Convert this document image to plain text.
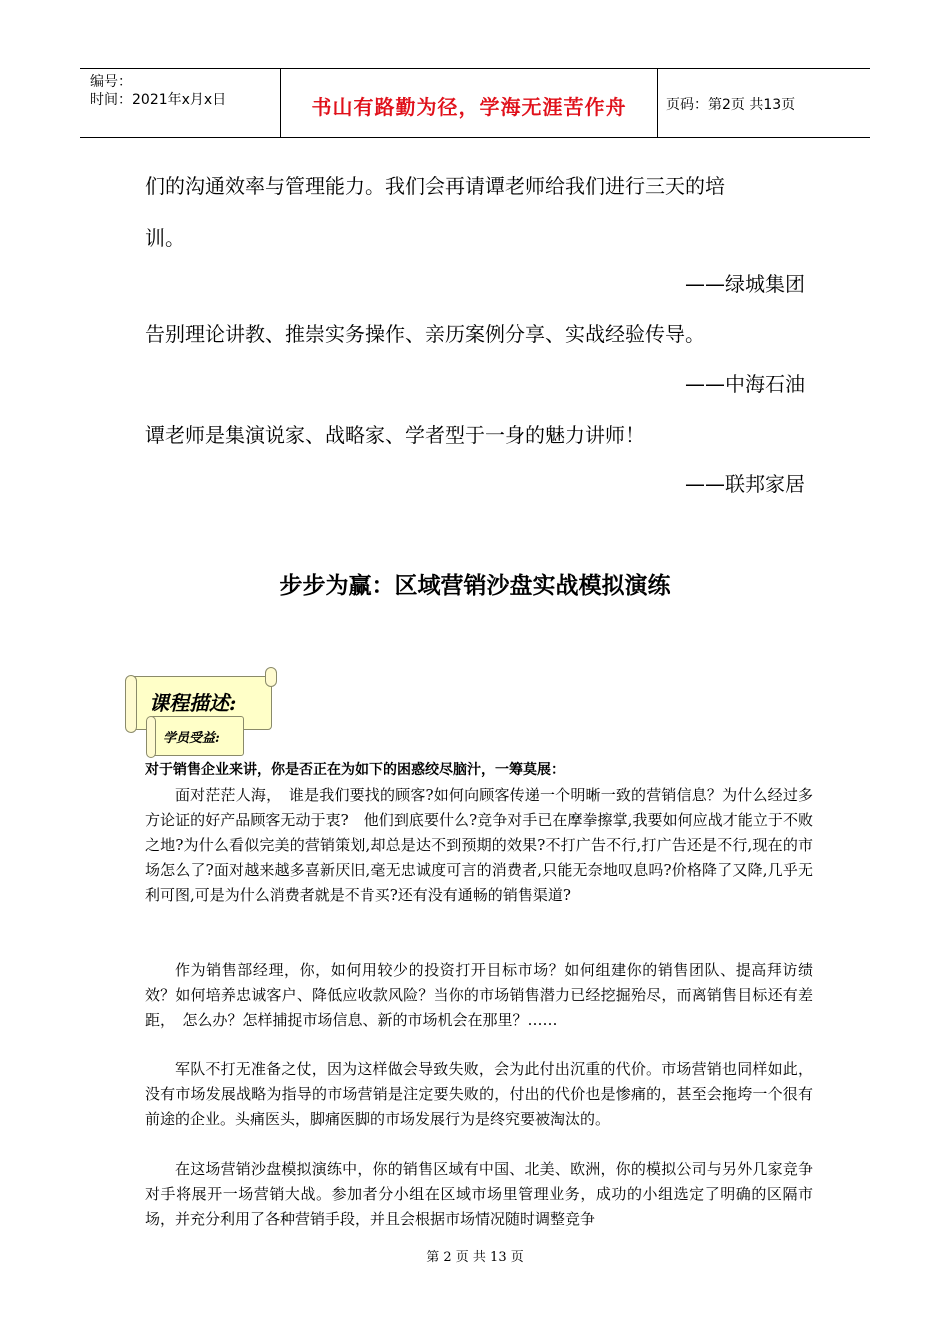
编号：
时间：2021年x月x日	书山有路勤为径，学海无涯苦作舟	页码：第2页 共13页
们的沟通效率与管理能力。我们会再请谭老师给我们进行三天的培
训。
——绿城集团
告别理论讲教、推崇实务操作、亲历案例分享、实战经验传导。
——中海石油
谭老师是集演说家、战略家、学者型于一身的魅力讲师！
——联邦家居
步步为赢：区域营销沙盘实战模拟演练
课程描述:
学员受益:
对于销售企业来讲，你是否正在为如下的困惑绞尽脑汁，一筹莫展：
面对茫茫人海，　谁是我们要找的顾客?如何向顾客传递一个明晰一致的营销信息？为什么经过多方论证的好产品顾客无动于衷?　他们到底要什么?竞争对手已在摩拳擦掌,我要如何应战才能立于不败之地?为什么看似完美的营销策划,却总是达不到预期的效果?不打广告不行,打广告还是不行,现在的市场怎么了?面对越来越多喜新厌旧,毫无忠诚度可言的消费者,只能无奈地叹息吗?价格降了又降,几乎无利可图,可是为什么消费者就是不肯买?还有没有通畅的销售渠道?
作为销售部经理，你，如何用较少的投资打开目标市场？如何组建你的销售团队、提高拜访绩效？如何培养忠诚客户、降低应收款风险？当你的市场销售潜力已经挖掘殆尽，而离销售目标还有差距，　怎么办？怎样捕捉市场信息、新的市场机会在那里？……
军队不打无准备之仗，因为这样做会导致失败，会为此付出沉重的代价。市场营销也同样如此，没有市场发展战略为指导的市场营销是注定要失败的，付出的代价也是惨痛的，甚至会拖垮一个很有前途的企业。头痛医头，脚痛医脚的市场发展行为是终究要被淘汰的。
在这场营销沙盘模拟演练中，你的销售区域有中国、北美、欧洲，你的模拟公司与另外几家竞争对手将展开一场营销大战。参加者分小组在区域市场里管理业务，成功的小组选定了明确的区隔市场，并充分利用了各种营销手段，并且会根据市场情况随时调整竞争
第 2 页 共 13 页
